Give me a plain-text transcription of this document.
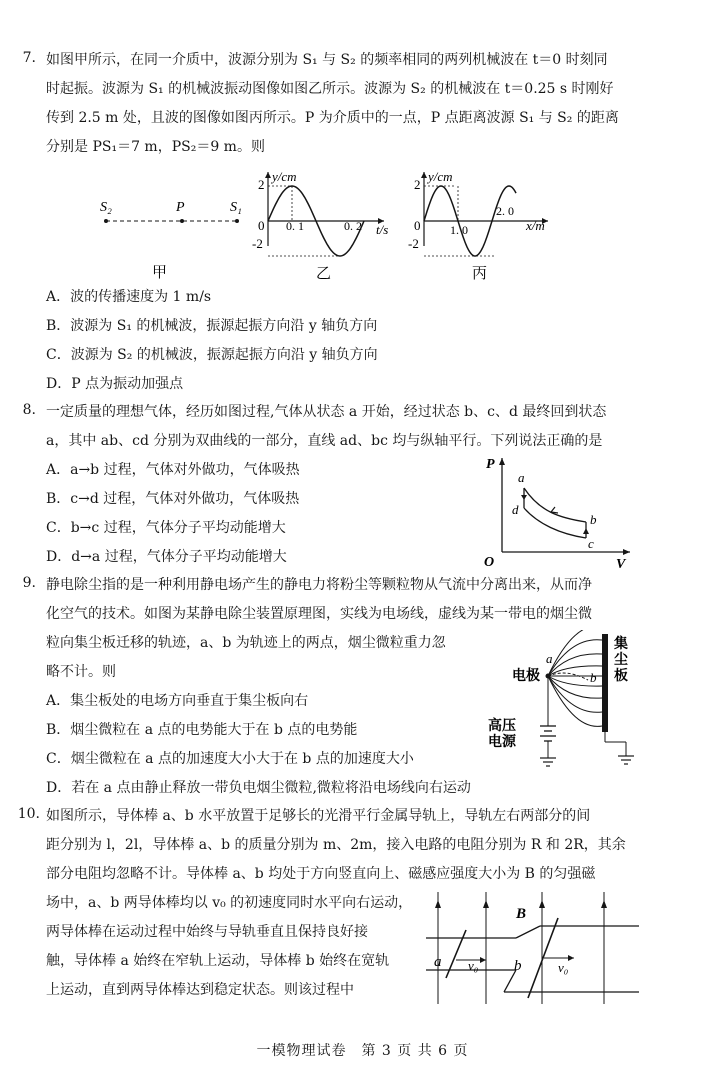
7. 如图甲所示，在同一介质中，波源分别为 S₁ 与 S₂ 的频率相同的两列机械波在 t＝0 时刻同
时起振。波源为 S₁ 的机械波振动图像如图乙所示。波源为 S₂ 的机械波在 t＝0.25 s 时刚好
传到 2.5 m 处，且波的图像如图丙所示。P 为介质中的一点，P 点距离波源 S₁ 与 S₂ 的距离
分别是 PS₁＝7 m，PS₂＝9 m。则
S₂	P	S₁
甲
y/cm
t/s
2
-2
0 0. 1	0. 2
乙
y/cm
x/m
2
-2
0 1. 0
2. 0
丙
A．波的传播速度为 1 m/s
B．波源为 S₁ 的机械波，振源起振方向沿 y 轴负方向
C．波源为 S₂ 的机械波，振源起振方向沿 y 轴负方向
D．P 点为振动加强点
8. 一定质量的理想气体，经历如图过程,气体从状态 a 开始，经过状态 b、c、d 最终回到状态
a，其中 ab、cd 分别为双曲线的一部分，直线 ad、bc 均与纵轴平行。下列说法正确的是
A．a→b 过程，气体对外做功，气体吸热
B．c→d 过程，气体对外做功，气体吸热
C．b→c 过程，气体分子平均动能增大
D．d→a 过程，气体分子平均动能增大
P
V
O
a
b
c
d
9. 静电除尘指的是一种利用静电场产生的静电力将粉尘等颗粒物从气流中分离出来，从而净
化空气的技术。如图为某静电除尘装置原理图，实线为电场线，虚线为某一带电的烟尘微
粒向集尘板迁移的轨迹，a、b 为轨迹上的两点，烟尘微粒重力忽
略不计。则
A．集尘板处的电场方向垂直于集尘板向右
B．烟尘微粒在 a 点的电势能大于在 b 点的电势能
C．烟尘微粒在 a 点的加速度大小大于在 b 点的加速度大小
D．若在 a 点由静止释放一带负电烟尘微粒,微粒将沿电场线向右运动
电极
集
尘
板
a
b
高压
电源
10. 如图所示，导体棒 a、b 水平放置于足够长的光滑平行金属导轨上，导轨左右两部分的间
距分别为 l，2l，导体棒 a、b 的质量分别为 m、2m，接入电路的电阻分别为 R 和 2R，其余
部分电阻均忽略不计。导体棒 a、b 均处于方向竖直向上、磁感应强度大小为 B 的匀强磁
场中，a、b 两导体棒均以 v₀ 的初速度同时水平向右运动，
两导体棒在运动过程中始终与导轨垂直且保持良好接
触，导体棒 a 始终在窄轨上运动，导体棒 b 始终在宽轨
上运动，直到两导体棒达到稳定状态。则该过程中
B
a v₀ b	v₀
一模物理试卷　第 3 页 共 6 页
